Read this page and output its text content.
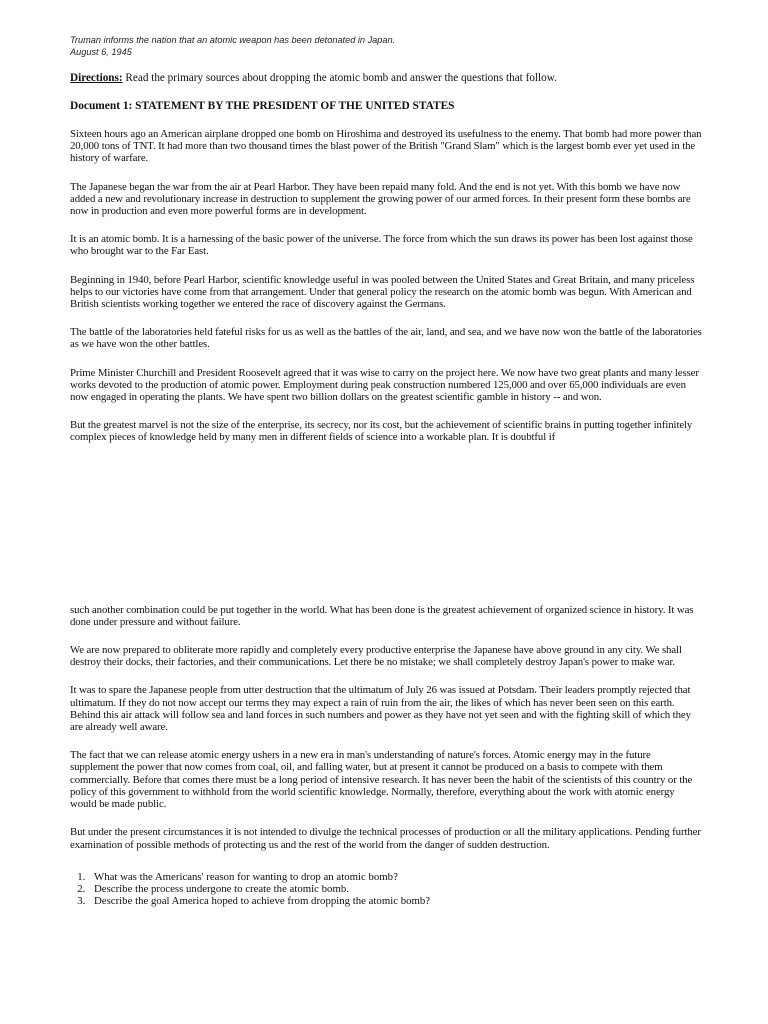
Truman informs the nation that an atomic weapon has been detonated in Japan.
August 6, 1945
Directions: Read the primary sources about dropping the atomic bomb and answer the questions that follow.
Document 1: STATEMENT BY THE PRESIDENT OF THE UNITED STATES

Sixteen hours ago an American airplane dropped one bomb on Hiroshima and destroyed its usefulness to the enemy. That bomb had more power than 20,000 tons of TNT. It had more than two thousand times the blast power of the British "Grand Slam" which is the largest bomb ever yet used in the history of warfare.

The Japanese began the war from the air at Pearl Harbor. They have been repaid many fold. And the end is not yet. With this bomb we have now added a new and revolutionary increase in destruction to supplement the growing power of our armed forces. In their present form these bombs are now in production and even more powerful forms are in development.

It is an atomic bomb. It is a harnessing of the basic power of the universe. The force from which the sun draws its power has been lost against those who brought war to the Far East.

Beginning in 1940, before Pearl Harbor, scientific knowledge useful in was pooled between the United States and Great Britain, and many priceless helps to our victories have come from that arrangement. Under that general policy the research on the atomic bomb was begun. With American and British scientists working together we entered the race of discovery against the Germans.

The battle of the laboratories held fateful risks for us as well as the battles of the air, land, and sea, and we have now won the battle of the laboratories as we have won the other battles.

Prime Minister Churchill and President Roosevelt agreed that it was wise to carry on the project here. We now have two great plants and many lesser works devoted to the production of atomic power. Employment during peak construction numbered 125,000 and over 65,000 individuals are even now engaged in operating the plants. We have spent two billion dollars on the greatest scientific gamble in history -- and won.

But the greatest marvel is not the size of the enterprise, its secrecy, nor its cost, but the achievement of scientific brains in putting together infinitely complex pieces of knowledge held by many men in different fields of science into a workable plan. It is doubtful if

such another combination could be put together in the world. What has been done is the greatest achievement of organized science in history. It was done under pressure and without failure.

We are now prepared to obliterate more rapidly and completely every productive enterprise the Japanese have above ground in any city. We shall destroy their docks, their factories, and their communications. Let there be no mistake; we shall completely destroy Japan's power to make war.

It was to spare the Japanese people from utter destruction that the ultimatum of July 26 was issued at Potsdam. Their leaders promptly rejected that ultimatum. If they do not now accept our terms they may expect a rain of ruin from the air, the likes of which has never been seen on this earth. Behind this air attack will follow sea and land forces in such numbers and power as they have not yet seen and with the fighting skill of which they are already well aware.

The fact that we can release atomic energy ushers in a new era in man's understanding of nature's forces. Atomic energy may in the future supplement the power that now comes from coal, oil, and falling water, but at present it cannot be produced on a basis to compete with them commercially. Before that comes there must be a long period of intensive research. It has never been the habit of the scientists of this country or the policy of this government to withhold from the world scientific knowledge. Normally, therefore, everything about the work with atomic energy would be made public.

But under the present circumstances it is not intended to divulge the technical processes of production or all the military applications. Pending further examination of possible methods of protecting us and the rest of the world from the danger of sudden destruction.

1. What was the Americans' reason for wanting to drop an atomic bomb?
2. Describe the process undergone to create the atomic bomb.
3. Describe the goal America hoped to achieve from dropping the atomic bomb?
